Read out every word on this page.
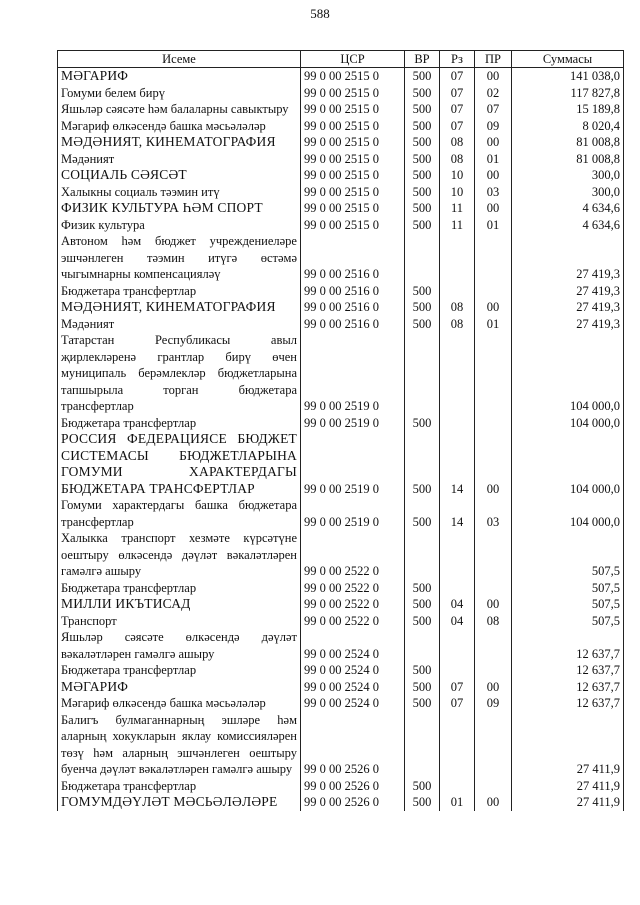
588
Исеме	ЦСР	ВР	Рз	ПР	Суммасы
МӘГАРИФ	99 0 00 2515 0	500	07	00	141 038,0
Гомуми белем бирү	99 0 00 2515 0	500	07	02	117 827,8
Яшьләр сәясәте һәм балаларны савыктыру	99 0 00 2515 0	500	07	07	15 189,8
Мәгариф өлкәсендә башка мәсьәләләр	99 0 00 2515 0	500	07	09	8 020,4
МӘДӘНИЯТ, КИНЕМАТОГРАФИЯ	99 0 00 2515 0	500	08	00	81 008,8
Мәдәният	99 0 00 2515 0	500	08	01	81 008,8
СОЦИАЛЬ СӘЯСӘТ	99 0 00 2515 0	500	10	00	300,0
Халыкны социаль тәэмин итү	99 0 00 2515 0	500	10	03	300,0
ФИЗИК КУЛЬТУРА ҺӘМ СПОРТ	99 0 00 2515 0	500	11	00	4 634,6
Физик культура	99 0 00 2515 0	500	11	01	4 634,6
Автоном һәм бюджет учреждениеләре эшчәнлеген тәэмин итүгә өстәмә чыгымнарны компенсацияләү	99 0 00 2516 0				27 419,3
Бюджетара трансфертлар	99 0 00 2516 0	500			27 419,3
МӘДӘНИЯТ, КИНЕМАТОГРАФИЯ	99 0 00 2516 0	500	08	00	27 419,3
Мәдәният	99 0 00 2516 0	500	08	01	27 419,3
Татарстан Республикасы авыл җирлекләренә грантлар бирү өчен муниципаль берәмлекләр бюджетларына тапшырыла торган бюджетара трансфертлар	99 0 00 2519 0				104 000,0
Бюджетара трансфертлар	99 0 00 2519 0	500			104 000,0
РОССИЯ ФЕДЕРАЦИЯСЕ БЮДЖЕТ СИСТЕМАСЫ БЮДЖЕТЛАРЫНА ГОМУМИ ХАРАКТЕРДАГЫ БЮДЖЕТАРА ТРАНСФЕРТЛАР	99 0 00 2519 0	500	14	00	104 000,0
Гомуми характердагы башка бюджетара трансфертлар	99 0 00 2519 0	500	14	03	104 000,0
Халыкка транспорт хезмәте күрсәтүне оештыру өлкәсендә дәүләт вәкаләтләрен гамәлгә ашыру	99 0 00 2522 0				507,5
Бюджетара трансфертлар	99 0 00 2522 0	500			507,5
МИЛЛИ ИКЪТИСАД	99 0 00 2522 0	500	04	00	507,5
Транспорт	99 0 00 2522 0	500	04	08	507,5
Яшьләр сәясәте өлкәсендә дәүләт вәкаләтләрен гамәлгә ашыру	99 0 00 2524 0				12 637,7
Бюджетара трансфертлар	99 0 00 2524 0	500			12 637,7
МӘГАРИФ	99 0 00 2524 0	500	07	00	12 637,7
Мәгариф өлкәсендә башка мәсьәләләр	99 0 00 2524 0	500	07	09	12 637,7
Балигъ булмаганнарның эшләре һәм аларның хокукларын яклау комиссияләрен төзү һәм аларның эшчәнлеген оештыру буенча дәүләт вәкаләтләрен гамәлгә ашыру	99 0 00 2526 0				27 411,9
Бюджетара трансфертлар	99 0 00 2526 0	500			27 411,9
ГОМУМДӘҮЛӘТ МӘСЬӘЛӘЛӘРЕ	99 0 00 2526 0	500	01	00	27 411,9
